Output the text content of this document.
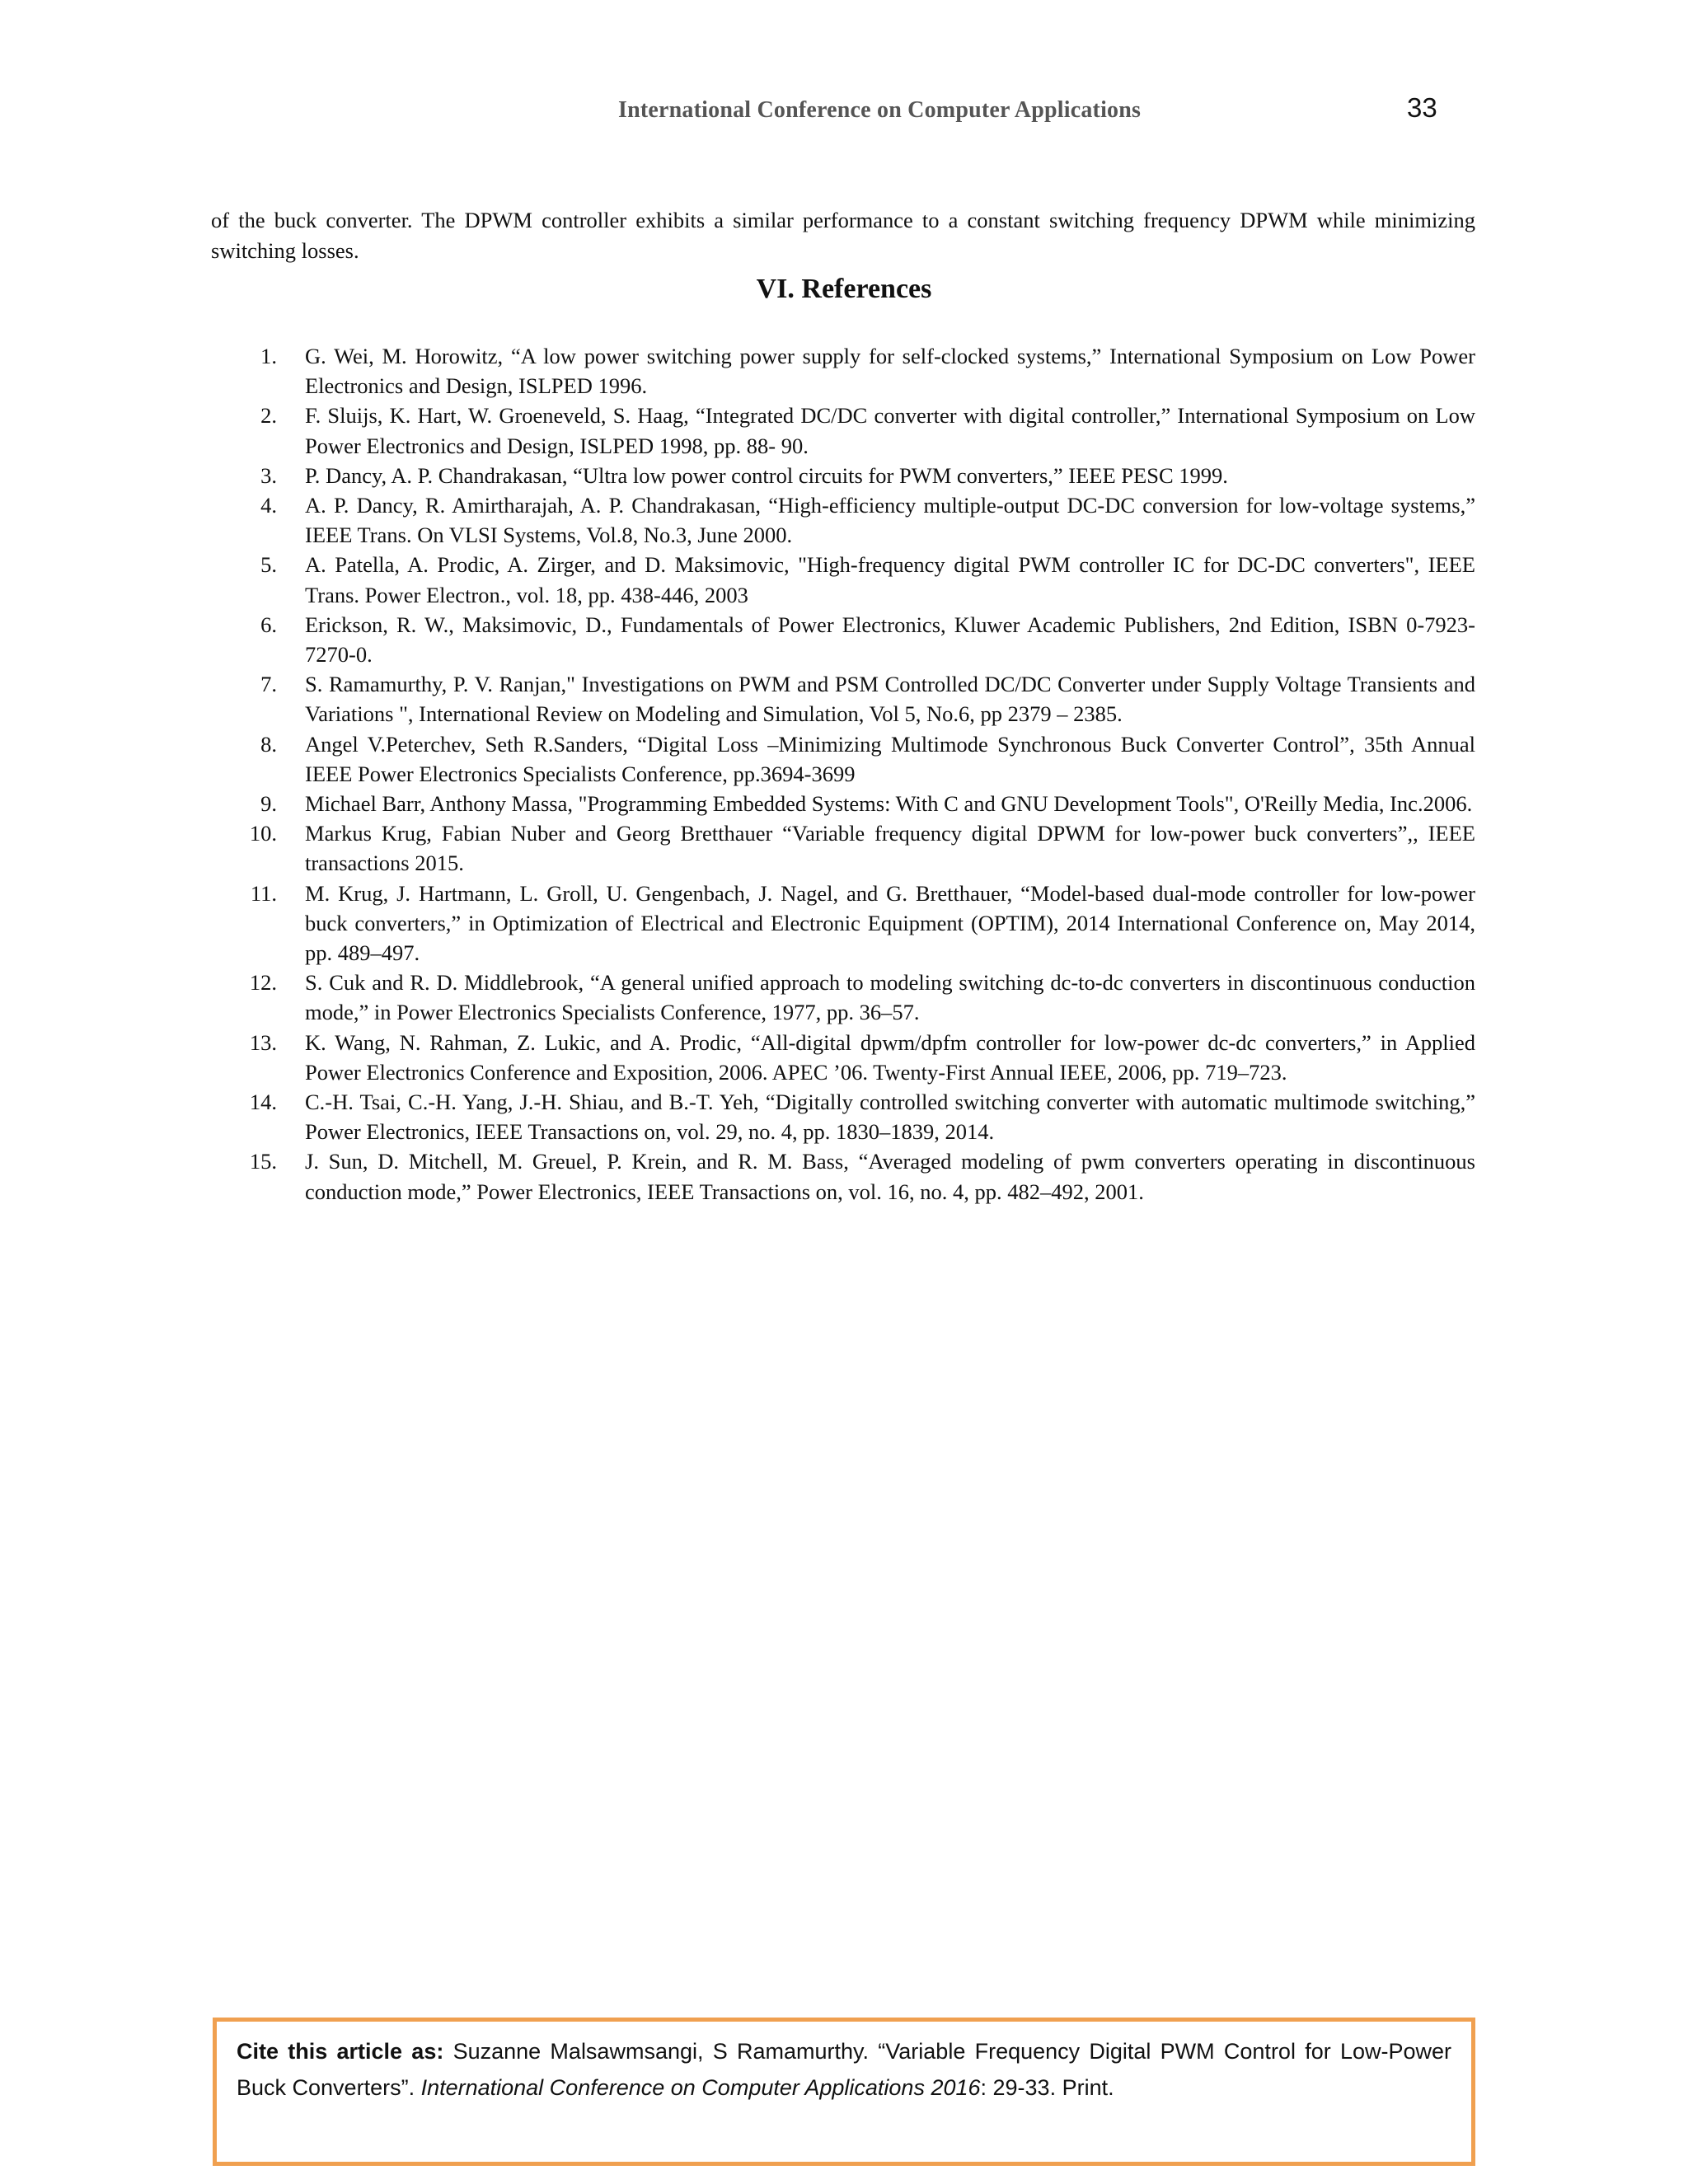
International Conference on Computer Applications	33

of the buck converter. The DPWM controller exhibits a similar performance to a constant switching frequency DPWM while minimizing switching losses.

VI. References
1. G. Wei, M. Horowitz, “A low power switching power supply for self-clocked systems,” International Symposium on Low Power Electronics and Design, ISLPED 1996.
2. F. Sluijs, K. Hart, W. Groeneveld, S. Haag, “Integrated DC/DC converter with digital controller,” International Symposium on Low Power Electronics and Design, ISLPED 1998, pp. 88- 90.
3. P. Dancy, A. P. Chandrakasan, “Ultra low power control circuits for PWM converters,” IEEE PESC 1999.
4. A. P. Dancy, R. Amirtharajah, A. P. Chandrakasan, “High-efficiency multiple-output DC-DC conversion for low-voltage systems,” IEEE Trans. On VLSI Systems, Vol.8, No.3, June 2000.
5. A. Patella, A. Prodic, A. Zirger, and D. Maksimovic, "High-frequency digital PWM controller IC for DC-DC converters", IEEE Trans. Power Electron., vol. 18, pp. 438-446, 2003
6. Erickson, R. W., Maksimovic, D., Fundamentals of Power Electronics, Kluwer Academic Publishers, 2nd Edition, ISBN 0-7923-7270-0.
7. S. Ramamurthy, P. V. Ranjan," Investigations on PWM and PSM Controlled DC/DC Converter under Supply Voltage Transients and Variations ", International Review on Modeling and Simulation, Vol 5, No.6, pp 2379 – 2385.
8. Angel V.Peterchev, Seth R.Sanders, “Digital Loss –Minimizing Multimode Synchronous Buck Converter Control”, 35th Annual IEEE Power Electronics Specialists Conference, pp.3694-3699
9. Michael Barr, Anthony Massa, "Programming Embedded Systems: With C and GNU Development Tools", O'Reilly Media, Inc.2006.
10. Markus Krug, Fabian Nuber and Georg Bretthauer “Variable frequency digital DPWM for low-power buck converters”,, IEEE transactions 2015.
11. M. Krug, J. Hartmann, L. Groll, U. Gengenbach, J. Nagel, and G. Bretthauer, “Model-based dual-mode controller for low-power buck converters,” in Optimization of Electrical and Electronic Equipment (OPTIM), 2014 International Conference on, May 2014, pp. 489–497.
12. S. Cuk and R. D. Middlebrook, “A general unified approach to modeling switching dc-to-dc converters in discontinuous conduction mode,” in Power Electronics Specialists Conference, 1977, pp. 36–57.
13. K. Wang, N. Rahman, Z. Lukic, and A. Prodic, “All-digital dpwm/dpfm controller for low-power dc-dc converters,” in Applied Power Electronics Conference and Exposition, 2006. APEC ’06. Twenty-First Annual IEEE, 2006, pp. 719–723.
14. C.-H. Tsai, C.-H. Yang, J.-H. Shiau, and B.-T. Yeh, “Digitally controlled switching converter with automatic multimode switching,” Power Electronics, IEEE Transactions on, vol. 29, no. 4, pp. 1830–1839, 2014.
15. J. Sun, D. Mitchell, M. Greuel, P. Krein, and R. M. Bass, “Averaged modeling of pwm converters operating in discontinuous conduction mode,” Power Electronics, IEEE Transactions on, vol. 16, no. 4, pp. 482–492, 2001.
Cite this article as: Suzanne Malsawmsangi, S Ramamurthy. “Variable Frequency Digital PWM Control for Low-Power Buck Converters”. International Conference on Computer Applications 2016: 29-33. Print.
